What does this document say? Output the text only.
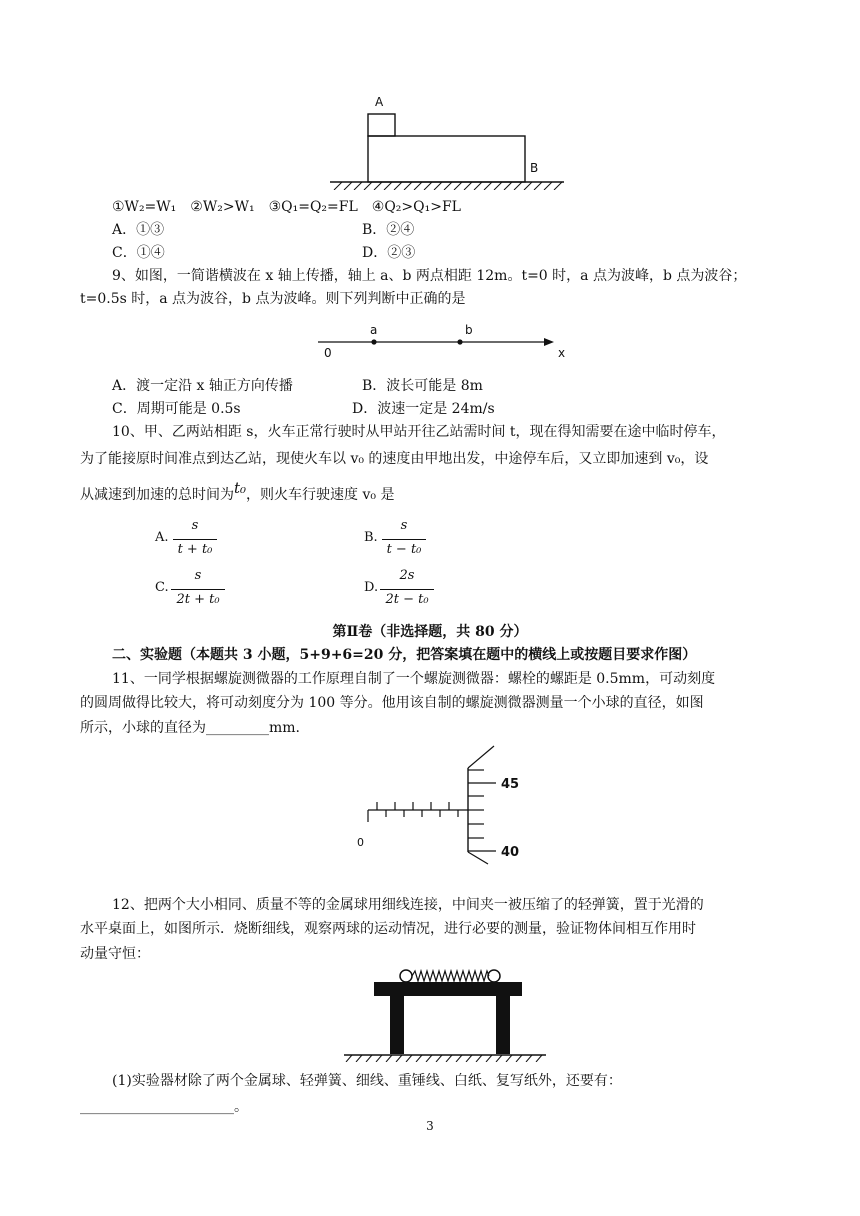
A
B
①W₂=W₁　②W₂>W₁　③Q₁=Q₂=FL　④Q₂>Q₁>FL
A．①③	B．②④
C．①④	D．②③
9、如图，一简谐横波在 x 轴上传播，轴上 a、b 两点相距 12m。t=0 时，a 点为波峰，b 点为波谷；
t=0.5s 时，a 点为波谷，b 点为波峰。则下列判断中正确的是
a	b
0	x
A．渡一定沿 x 轴正方向传播	B．波长可能是 8m
C．周期可能是 0.5s	D．波速一定是 24m/s
10、甲、乙两站相距 s，火车正常行驶时从甲站开往乙站需时间 t，现在得知需要在途中临时停车，
为了能接原时间准点到达乙站，现使火车以 v₀ 的速度由甲地出发，中途停车后，又立即加速到 v₀，设
从减速到加速的总时间为t₀，则火车行驶速度 v₀ 是
A.
s
t + t₀
B.
s
t − t₀
C.
s
2t + t₀
D.
2s
2t − t₀
第Ⅱ卷（非选择题，共 80 分）
二、实验题（本题共 3 小题，5+9+6=20 分，把答案填在题中的横线上或按题目要求作图）
11、一同学根据螺旋测微器的工作原理自制了一个螺旋测微器：螺栓的螺距是 0.5mm，可动刻度
的圆周做得比较大，将可动刻度分为 100 等分。他用该自制的螺旋测微器测量一个小球的直径，如图
所示，小球的直径为_________mm.
0
45
40
12、把两个大小相同、质量不等的金属球用细线连接，中间夹一被压缩了的轻弹簧，置于光滑的
水平桌面上，如图所示．烧断细线，观察两球的运动情况，进行必要的测量，验证物体间相互作用时
动量守恒：
(1)实验器材除了两个金属球、轻弹簧、细线、重锤线、白纸、复写纸外，还要有：
______________________。
3
